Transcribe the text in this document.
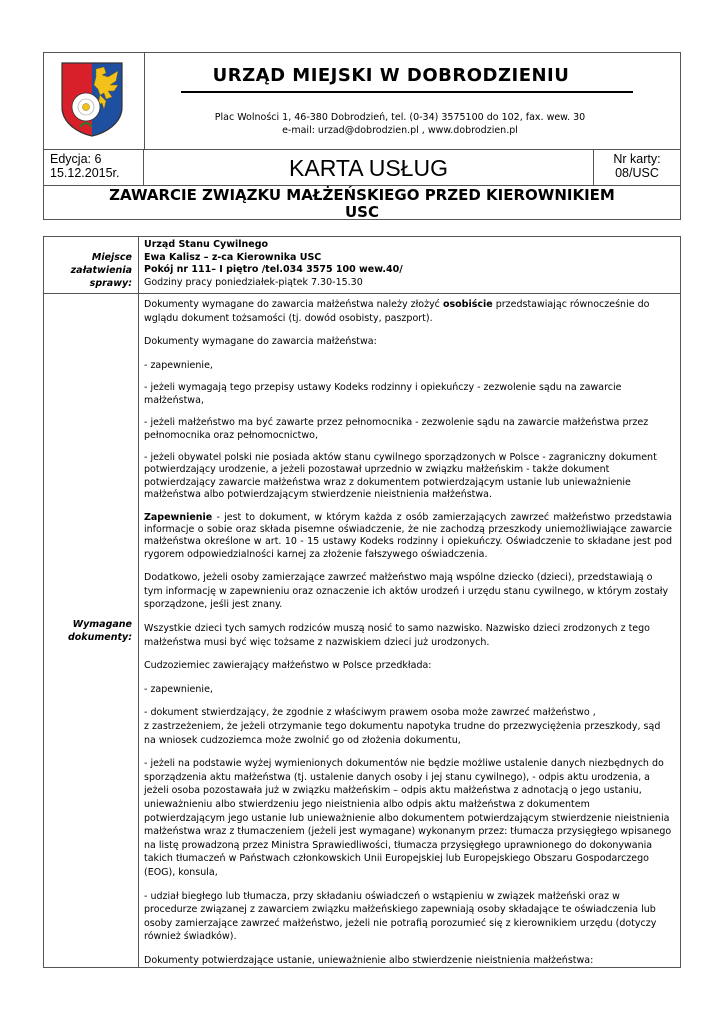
URZĄD MIEJSKI W DOBRODZIENIU
Plac Wolności 1, 46-380 Dobrodzień, tel. (0-34) 3575100 do 102, fax. wew. 30
e-mail: urzad@dobrodzien.pl , www.dobrodzien.pl
Edycja: 6
15.12.2015r.	KARTA USŁUG	Nr karty:
08/USC
ZAWARCIE ZWIĄZKU MAŁŻEŃSKIEGO PRZED KIEROWNIKIEM
USC
Miejsce
załatwienia
sprawy:
Urząd Stanu Cywilnego
Ewa Kalisz – z-ca Kierownika USC
Pokój nr 111– I piętro /tel.034 3575 100 wew.40/
Godziny pracy poniedziałek-piątek 7.30-15.30
Wymagane
dokumenty:

Dokumenty wymagane do zawarcia małżeństwa należy złożyć osobiście przedstawiając równocześnie do wglądu dokument tożsamości (tj. dowód osobisty, paszport).

Dokumenty wymagane do zawarcia małżeństwa:

- zapewnienie,

- jeżeli wymagają tego przepisy ustawy Kodeks rodzinny i opiekuńczy - zezwolenie sądu na zawarcie małżeństwa,

- jeżeli małżeństwo ma być zawarte przez pełnomocnika - zezwolenie sądu na zawarcie małżeństwa przez pełnomocnika oraz pełnomocnictwo,

- jeżeli obywatel polski nie posiada aktów stanu cywilnego sporządzonych w Polsce - zagraniczny dokument potwierdzający urodzenie, a jeżeli pozostawał uprzednio w związku małżeńskim - także dokument potwierdzający zawarcie małżeństwa wraz z dokumentem potwierdzającym ustanie lub unieważnienie małżeństwa albo potwierdzającym stwierdzenie nieistnienia małżeństwa.

Zapewnienie - jest to dokument, w którym każda z osób zamierzających zawrzeć małżeństwo przedstawia informacje o sobie oraz składa pisemne oświadczenie, że nie zachodzą przeszkody uniemożliwiające zawarcie małżeństwa określone w art. 10 - 15 ustawy Kodeks rodzinny i opiekuńczy. Oświadczenie to składane jest pod rygorem odpowiedzialności karnej za złożenie fałszywego oświadczenia.

Dodatkowo, jeżeli osoby zamierzające zawrzeć małżeństwo mają wspólne dziecko (dzieci), przedstawiają o tym informację w zapewnieniu oraz oznaczenie ich aktów urodzeń i urzędu stanu cywilnego, w którym zostały sporządzone, jeśli jest znany.

Wszystkie dzieci tych samych rodziców muszą nosić to samo nazwisko. Nazwisko dzieci zrodzonych z tego małżeństwa musi być więc tożsame z nazwiskiem dzieci już urodzonych.

Cudzoziemiec zawierający małżeństwo w Polsce przedkłada:

- zapewnienie,

- dokument stwierdzający, że zgodnie z właściwym prawem osoba może zawrzeć małżeństwo ,
z zastrzeżeniem, że jeżeli otrzymanie tego dokumentu napotyka trudne do przezwyciężenia przeszkody, sąd na wniosek cudzoziemca może zwolnić go od złożenia dokumentu,

- jeżeli na podstawie wyżej wymienionych dokumentów nie będzie możliwe ustalenie danych niezbędnych do sporządzenia aktu małżeństwa (tj. ustalenie danych osoby i jej stanu cywilnego), - odpis aktu urodzenia, a jeżeli osoba pozostawała już w związku małżeńskim – odpis aktu małżeństwa z adnotacją o jego ustaniu, unieważnieniu albo stwierdzeniu jego nieistnienia albo odpis aktu małżeństwa z dokumentem potwierdzającym jego ustanie lub unieważnienie albo dokumentem potwierdzającym stwierdzenie nieistnienia małżeństwa wraz z tłumaczeniem (jeżeli jest wymagane) wykonanym przez: tłumacza przysięgłego wpisanego na listę prowadzoną przez Ministra Sprawiedliwości, tłumacza przysięgłego uprawnionego do dokonywania takich tłumaczeń w Państwach członkowskich Unii Europejskiej lub Europejskiego Obszaru Gospodarczego (EOG), konsula,

- udział biegłego lub tłumacza, przy składaniu oświadczeń o wstąpieniu w związek małżeński oraz w procedurze związanej z zawarciem związku małżeńskiego zapewniają osoby składające te oświadczenia lub osoby zamierzające zawrzeć małżeństwo, jeżeli nie potrafią porozumieć się z kierownikiem urzędu (dotyczy również świadków).

Dokumenty potwierdzające ustanie, unieważnienie albo stwierdzenie nieistnienia małżeństwa:
